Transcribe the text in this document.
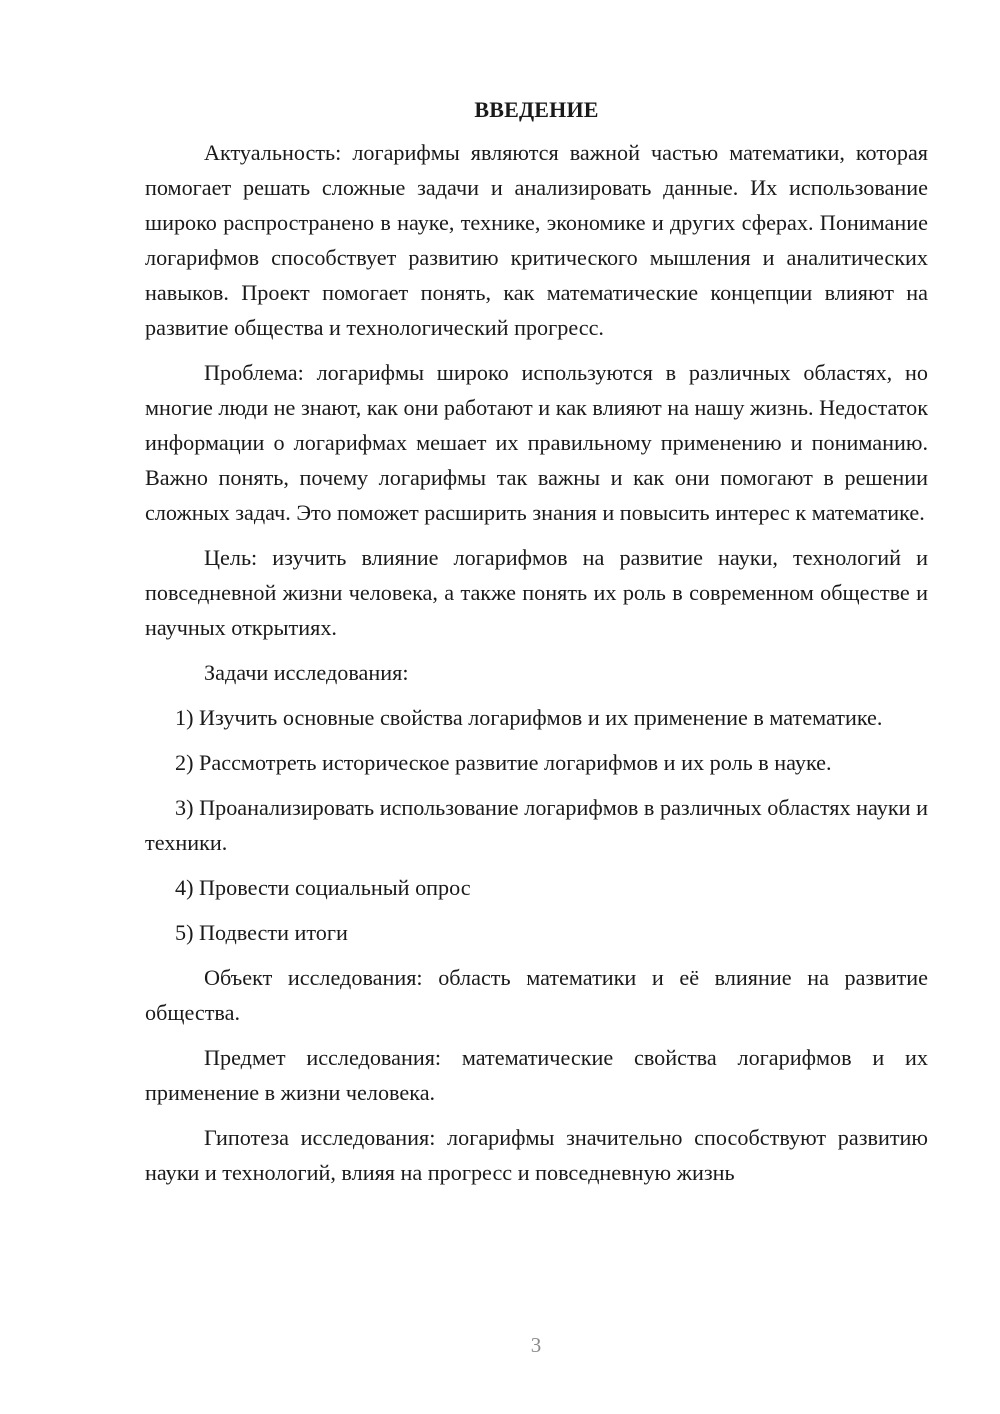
ВВЕДЕНИЕ

Актуальность: логарифмы являются важной частью математики, которая помогает решать сложные задачи и анализировать данные. Их использование широко распространено в науке, технике, экономике и других сферах. Понимание логарифмов способствует развитию критического мышления и аналитических навыков. Проект помогает понять, как математические концепции влияют на развитие общества и технологический прогресс.

Проблема: логарифмы широко используются в различных областях, но многие люди не знают, как они работают и как влияют на нашу жизнь. Недостаток информации о логарифмах мешает их правильному применению и пониманию. Важно понять, почему логарифмы так важны и как они помогают в решении сложных задач. Это поможет расширить знания и повысить интерес к математике.

Цель: изучить влияние логарифмов на развитие науки, технологий и повседневной жизни человека, а также понять их роль в современном обществе и научных открытиях.

Задачи исследования:

1) Изучить основные свойства логарифмов и их применение в математике.

2) Рассмотреть историческое развитие логарифмов и их роль в науке.

3) Проанализировать использование логарифмов в различных областях науки и техники.

4) Провести социальный опрос

5) Подвести итоги

Объект исследования: область математики и её влияние на развитие общества.

Предмет исследования: математические свойства логарифмов и их применение в жизни человека.

Гипотеза исследования: логарифмы значительно способствуют развитию науки и технологий, влияя на прогресс и повседневную жизнь

3
